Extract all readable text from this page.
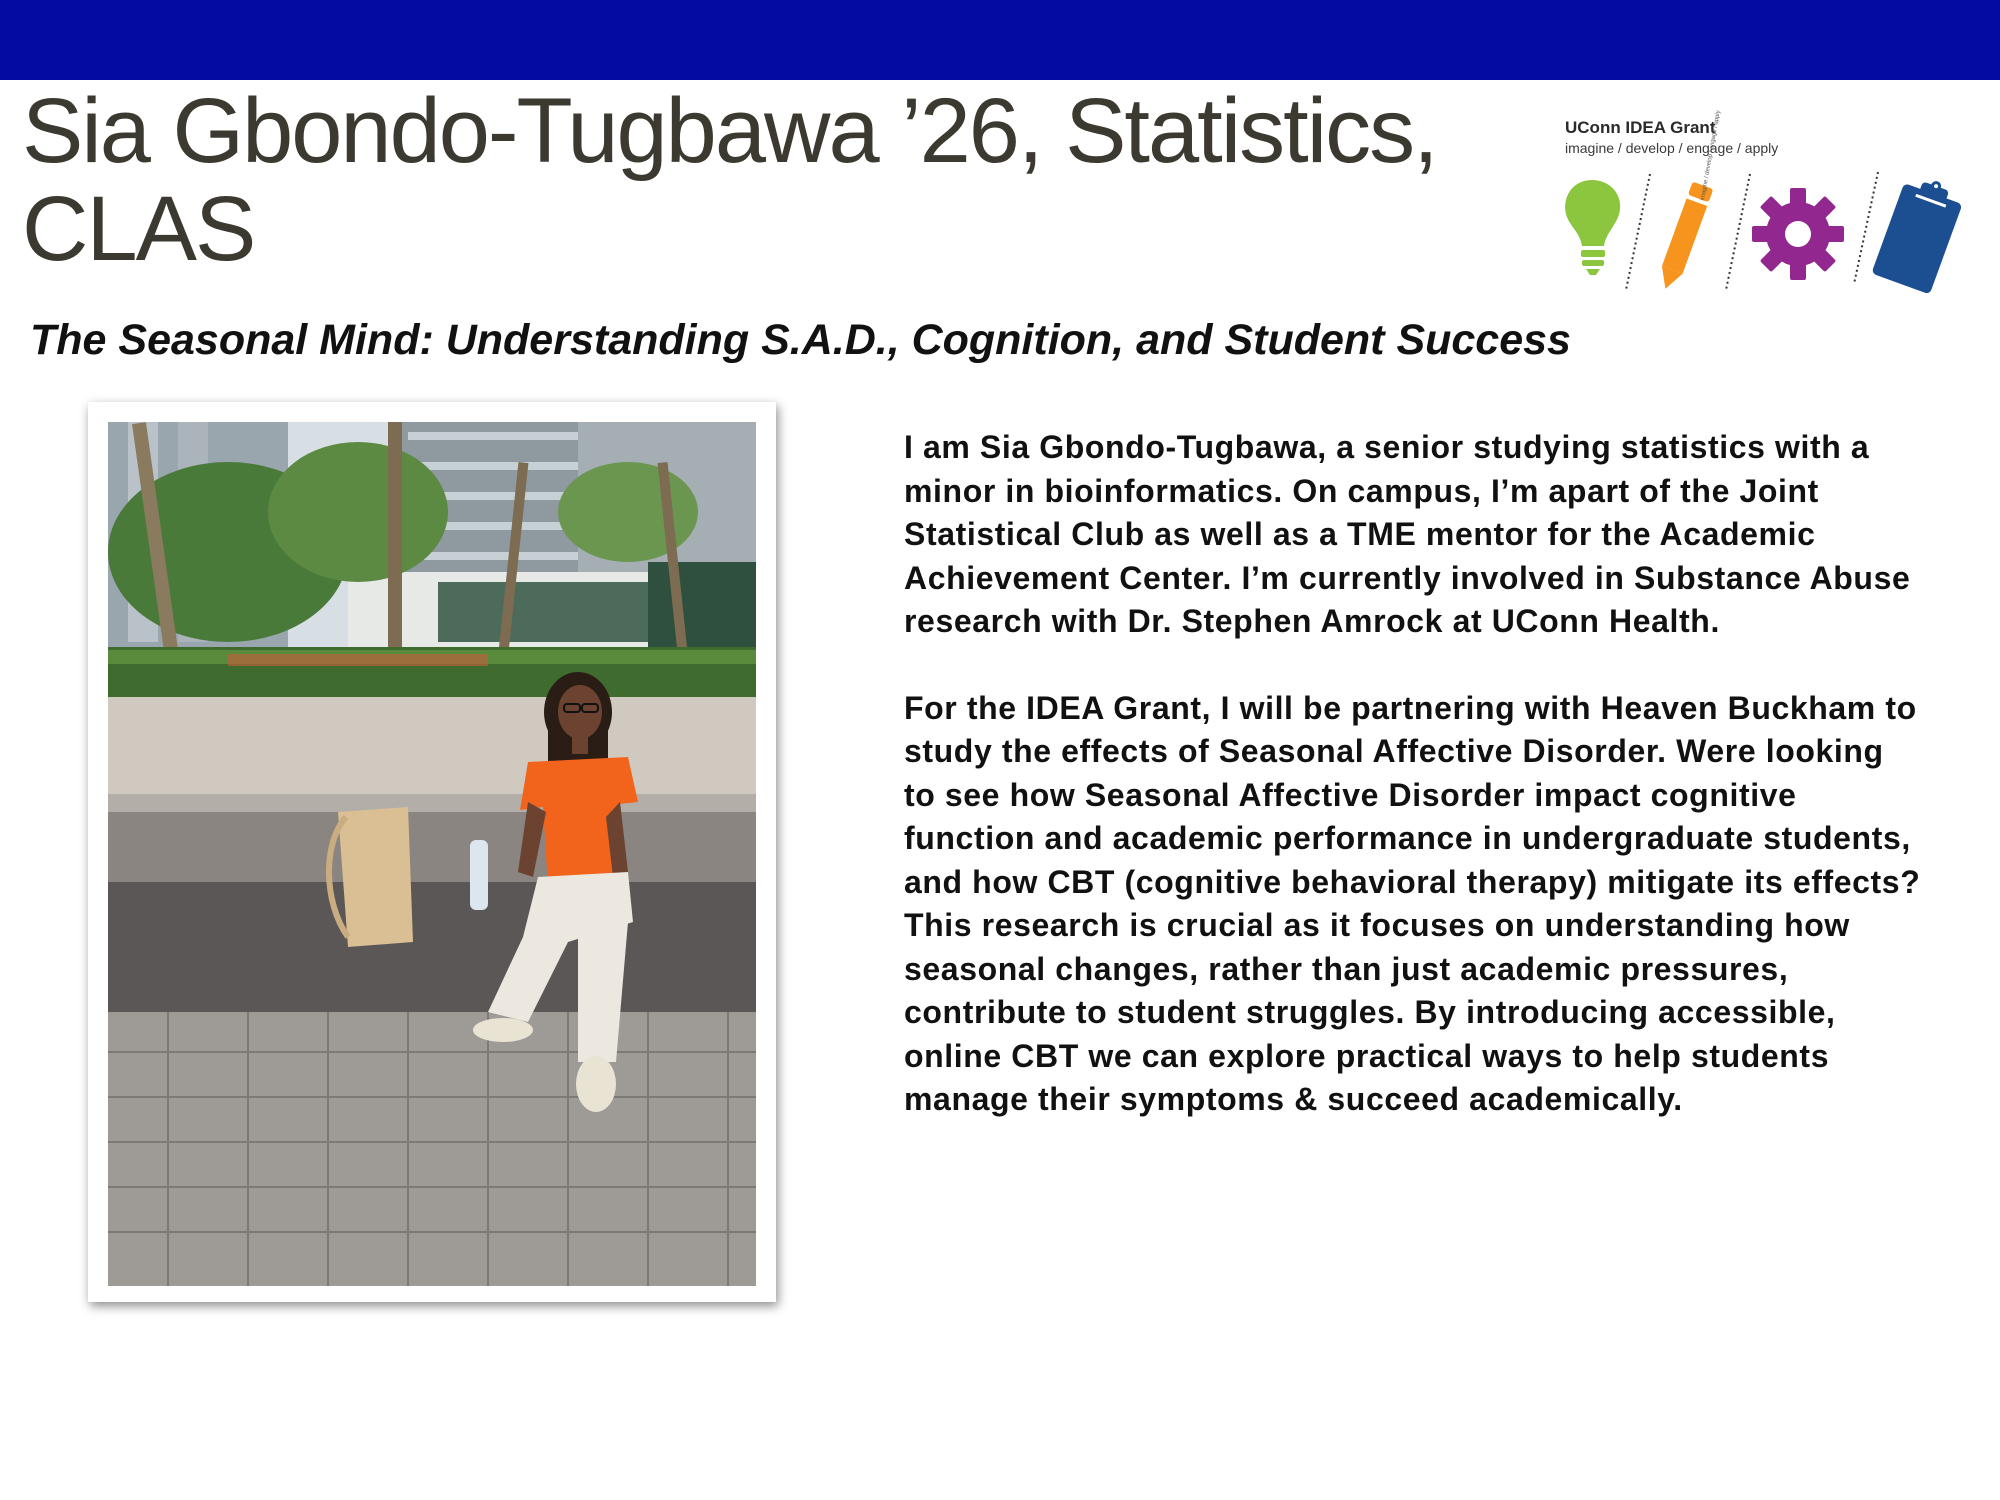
Sia Gbondo-Tugbawa ’26, Statistics, CLAS
UConn IDEA Grant
imagine / develop / engage / apply
imagine / develop / engage / apply
The Seasonal Mind: Understanding S.A.D., Cognition, and Student Success

I am Sia Gbondo-Tugbawa, a senior studying statistics with a minor in bioinformatics. On campus, I’m apart of the Joint Statistical Club as well as a TME mentor for the Academic Achievement Center. I’m currently involved in Substance Abuse research with Dr. Stephen Amrock at UConn Health.

For the IDEA Grant, I will be partnering with Heaven Buckham to study the effects of Seasonal Affective Disorder. Were looking to see how Seasonal Affective Disorder impact cognitive function and academic performance in undergraduate students, and how CBT (cognitive behavioral therapy) mitigate its effects? This research is crucial as it focuses on understanding how seasonal changes, rather than just academic pressures, contribute to student struggles. By introducing accessible, online CBT we can explore practical ways to help students manage their symptoms & succeed academically.
